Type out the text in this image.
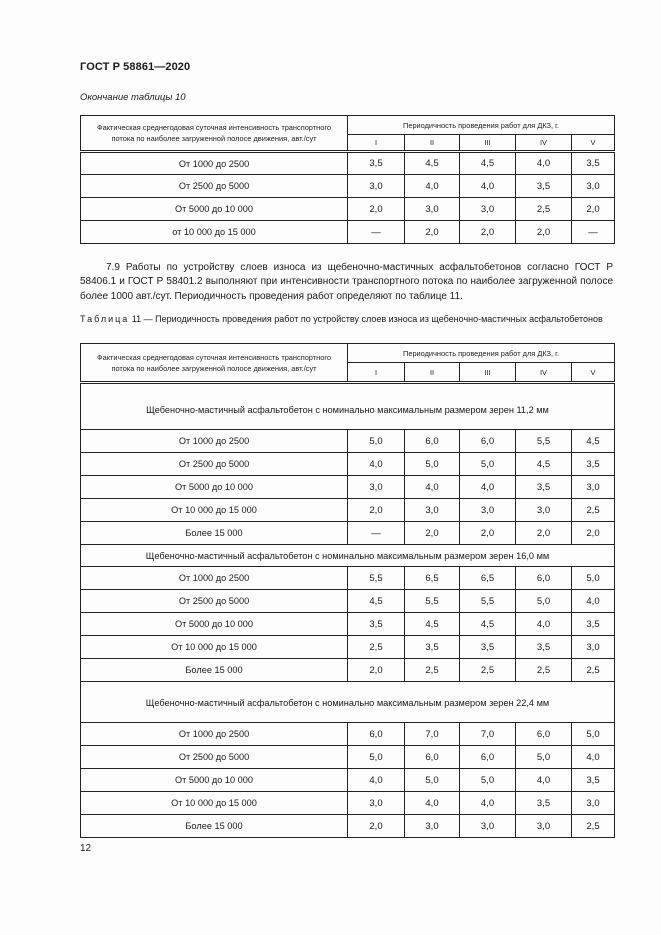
ГОСТ Р 58861—2020
Окончание таблицы 10
Фактическая среднегодовая суточная интенсивность транспортного потока по наиболее загруженной полосе движения, авт./сут	Периодичность проведения работ для ДКЗ, г.				
	I	II	III	IV	V
От 1000 до 2500	3,5	4,5	4,5	4,0	3,5
От 2500 до 5000	3,0	4,0	4,0	3,5	3,0
От 5000 до 10 000	2,0	3,0	3,0	2,5	2,0
от 10 000 до 15 000	—	2,0	2,0	2,0	—
7.9 Работы по устройству слоев износа из щебеночно-мастичных асфальтобетонов согласно ГОСТ Р 58406.1 и ГОСТ Р 58401.2 выполняют при интенсивности транспортного потока по наиболее загруженной полосе более 1000 авт./сут. Периодичность проведения работ определяют по таблице 11.
Таблица 11 — Периодичность проведения работ по устройству слоев износа из щебеночно-мастичных асфальтобетонов
Фактическая среднегодовая суточная интенсивность транспортного потока по наиболее загруженной полосе движения, авт./сут	Периодичность проведения работ для ДКЗ, г.				
	I	II	III	IV	V
Щебеночно-мастичный асфальтобетон с номинально максимальным размером зерен 11,2 мм					
От 1000 до 2500	5,0	6,0	6,0	5,5	4,5
От 2500 до 5000	4,0	5,0	5,0	4,5	3,5
От 5000 до 10 000	3,0	4,0	4,0	3,5	3,0
От 10 000 до 15 000	2,0	3,0	3,0	3,0	2,5
Более 15 000	—	2,0	2,0	2,0	2,0
Щебеночно-мастичный асфальтобетон с номинально максимальным размером зерен 16,0 мм					
От 1000 до 2500	5,5	6,5	6,5	6,0	5,0
От 2500 до 5000	4,5	5,5	5,5	5,0	4,0
От 5000 до 10 000	3,5	4,5	4,5	4,0	3,5
От 10 000 до 15 000	2,5	3,5	3,5	3,5	3,0
Более 15 000	2,0	2,5	2,5	2,5	2,5
Щебеночно-мастичный асфальтобетон с номинально максимальным размером зерен 22,4 мм					
От 1000 до 2500	6,0	7,0	7,0	6,0	5,0
От 2500 до 5000	5,0	6,0	6,0	5,0	4,0
От 5000 до 10 000	4,0	5,0	5,0	4,0	3,5
От 10 000 до 15 000	3,0	4,0	4,0	3,5	3,0
Более 15 000	2,0	3,0	3,0	3,0	2,5
12
